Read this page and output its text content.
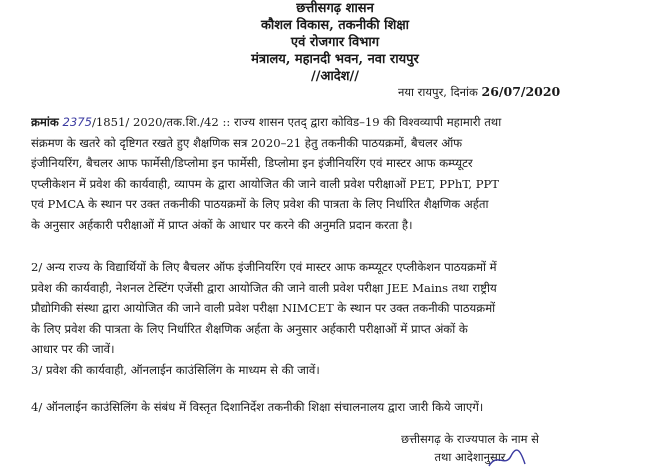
छत्तीसगढ़ शासन
कौशल विकास, तकनीकी शिक्षा
एवं रोजगार विभाग
मंत्रालय, महानदी भवन, नवा रायपुर
//आदेश//
नया रायपुर, दिनांक 26/07/2020
क्रमांक 2375/1851/ 2020/तक.शि./42 :: राज्य शासन एतद् द्वारा कोविड–19 की विश्वव्यापी महामारी तथा
संक्रमण के खतरे को दृष्टिगत रखते हुए शैक्षणिक सत्र 2020–21 हेतु तकनीकी पाठयक्रमों, बैचलर ऑफ
इंजीनियरिंग, बैचलर आफ फार्मेसी/डिप्लोमा इन फार्मेसी, डिप्लोमा इन इंजीनियरिंग एवं मास्टर आफ कम्प्यूटर
एप्लीकेशन में प्रवेश की कार्यवाही, व्यापम के द्वारा आयोजित की जाने वाली प्रवेश परीक्षाओं PET, PPhT, PPT
एवं PMCA के स्थान पर उक्त तकनीकी पाठयक्रमों के लिए प्रवेश की पात्रता के लिए निर्धारित शैक्षणिक अर्हता
के अनुसार अर्हकारी परीक्षाओं में प्राप्त अंकों के आधार पर करने की अनुमति प्रदान करता है।
2/ अन्य राज्य के विद्यार्थियों के लिए बैचलर ऑफ इंजीनियरिंग एवं मास्टर आफ कम्प्यूटर एप्लीकेशन पाठयक्रमों में
प्रवेश की कार्यवाही, नेशनल टेस्टिंग एजेंसी द्वारा आयोजित की जाने वाली प्रवेश परीक्षा JEE Mains तथा राष्ट्रीय
प्रौद्योगिकी संस्था द्वारा आयोजित की जाने वाली प्रवेश परीक्षा NIMCET के स्थान पर उक्त तकनीकी पाठयक्रमों
के लिए प्रवेश की पात्रता के लिए निर्धारित शैक्षणिक अर्हता के अनुसार अर्हकारी परीक्षाओं में प्राप्त अंकों के
आधार पर की जावें।
3/ प्रवेश की कार्यवाही, ऑनलाईन काउंसिलिंग के माध्यम से की जावें।
4/ ऑनलाईन काउंसिलिंग के संबंध में विस्तृत दिशानिर्देश तकनीकी शिक्षा संचालनालय द्वारा जारी किये जाएगें।
छत्तीसगढ़ के राज्यपाल के नाम से
तथा आदेशानुसार
